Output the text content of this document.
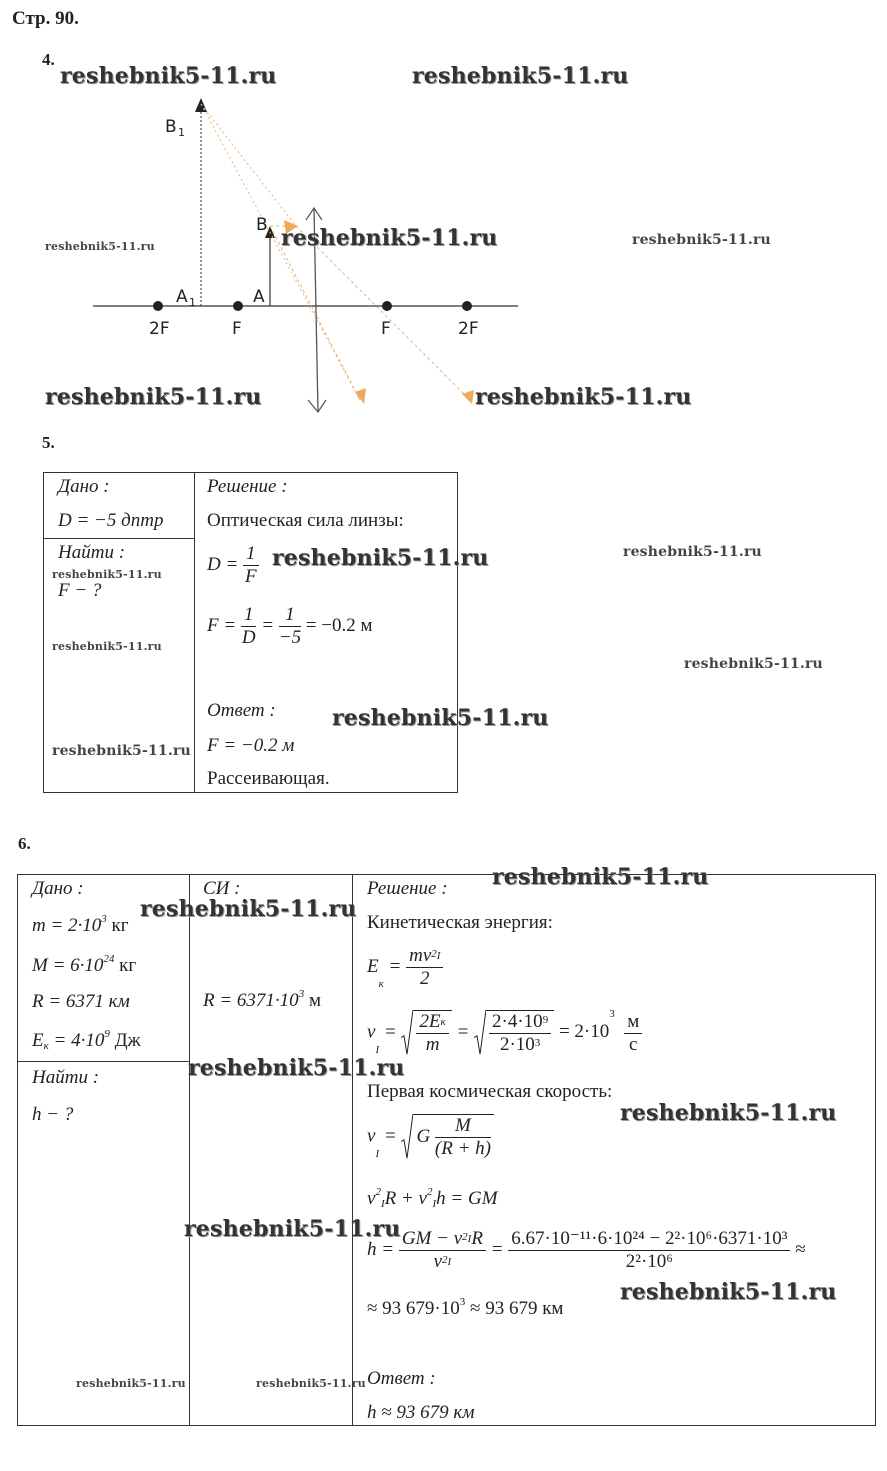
Стр. 90.
4.
B 1
B
A 1	A
2F	F	F	2F
5.
Дано :
D = −5 дптр
Найти :
F − ?
Решение :
Оптическая сила линзы:
$D = \frac{1}{F}$
$F = \frac{1}{D} = \frac{1}{-5} = -0.2$ м
Ответ :
F = −0.2 м
Рассеивающая.
6.
Дано :
$m = 2\cdot 10^3$ кг
$M = 6\cdot 10^{24}$ кг
R = 6371 км
Eк = $4\cdot 10^9$ Дж
Найти :
h − ?
СИ :
$R = 6371\cdot 10^3$ м
Решение :
Кинетическая энергия:
Eк = $\frac{mv^2I}{2}$
vI = $\frac{2Eк}{m} = \frac{2\cdot 4\cdot 10^9}{2\cdot 10^3} = 2\cdot 10^3 \frac{м}{с}$
Первая космическая скорость:
vI =
G $\frac{M}{(R + h)}$
$v^2IR + v^2Ih$ = GM
$h = \frac{GM - v^2IR}{v^2I} = \frac{\text{6.67·10⁻¹¹·6·10²⁴ − 2²·10⁶·6371·10³}}{\text{2²·10⁶}}$ ≈
≈ 93 $679\cdot 10^3 \approx 93$ 679 км
Ответ :
h ≈ 93 679 км
reshebnik5-11.ru	reshebnik5-11.ru
reshebnik5-11.ru
reshebnik5-11.ru	reshebnik5-11.ru
reshebnik5-11.ru	reshebnik5-11.ru
reshebnik5-11.ru	reshebnik5-11.ru
reshebnik5-11.ru
reshebnik5-11.ru
reshebnik5-11.ru
reshebnik5-11.ru
reshebnik5-11.ru
reshebnik5-11.ru
reshebnik5-11.ru
reshebnik5-11.ru
reshebnik5-11.ru
reshebnik5-11.ru
reshebnik5-11.ru
reshebnik5-11.ru	reshebnik5-11.ru
